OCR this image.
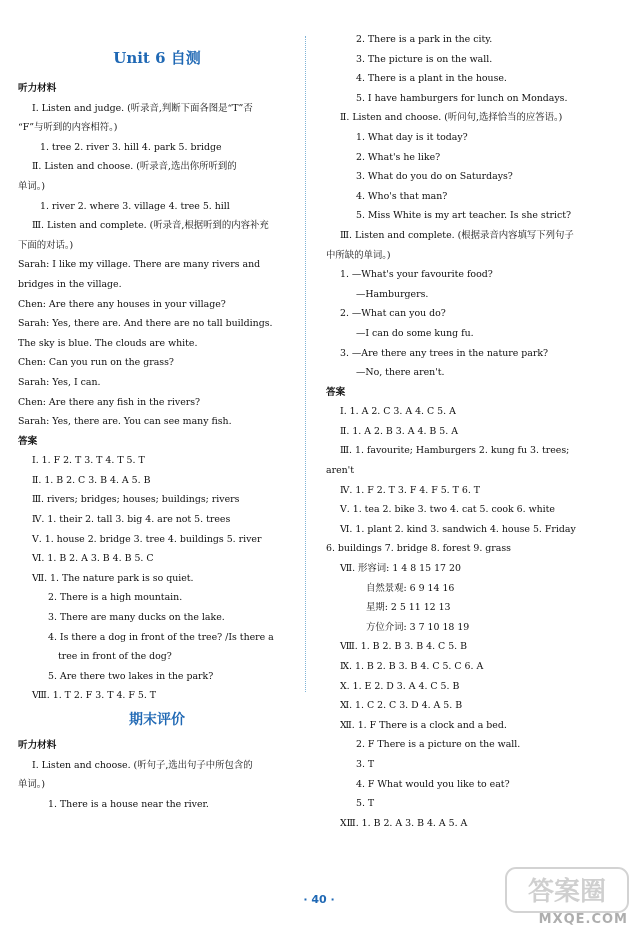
Unit 6 自测
听力材料
Ⅰ. Listen and judge. (听录音,判断下面各图是“T”否
“F”与听到的内容相符。)
1. tree 2. river 3. hill 4. park 5. bridge
Ⅱ. Listen and choose. (听录音,选出你所听到的
单词。)
1. river 2. where 3. village 4. tree 5. hill
Ⅲ. Listen and complete. (听录音,根据听到的内容补充
下面的对话。)
Sarah: I like my village. There are many rivers and
bridges in the village.
Chen: Are there any houses in your village?
Sarah: Yes, there are. And there are no tall buildings.
The sky is blue. The clouds are white.
Chen: Can you run on the grass?
Sarah: Yes, I can.
Chen: Are there any fish in the rivers?
Sarah: Yes, there are. You can see many fish.
答案
Ⅰ. 1. F 2. T 3. T 4. T 5. T
Ⅱ. 1. B 2. C 3. B 4. A 5. B
Ⅲ. rivers; bridges; houses; buildings; rivers
Ⅳ. 1. their 2. tall 3. big 4. are not 5. trees
Ⅴ. 1. house 2. bridge 3. tree 4. buildings 5. river
Ⅵ. 1. B 2. A 3. B 4. B 5. C
Ⅶ. 1. The nature park is so quiet.
2. There is a high mountain.
3. There are many ducks on the lake.
4. Is there a dog in front of the tree? /Is there a
tree in front of the dog?
5. Are there two lakes in the park?
Ⅷ. 1. T 2. F 3. T 4. F 5. T
期末评价
听力材料
Ⅰ. Listen and choose. (听句子,选出句子中所包含的
单词。)
1. There is a house near the river.
2. There is a park in the city.
3. The picture is on the wall.
4. There is a plant in the house.
5. I have hamburgers for lunch on Mondays.
Ⅱ. Listen and choose. (听问句,选择恰当的应答语。)
1. What day is it today?
2. What's he like?
3. What do you do on Saturdays?
4. Who's that man?
5. Miss White is my art teacher. Is she strict?
Ⅲ. Listen and complete. (根据录音内容填写下列句子
中所缺的单词。)
1. —What's your favourite food?
—Hamburgers.
2. —What can you do?
—I can do some kung fu.
3. —Are there any trees in the nature park?
—No, there aren't.
答案
Ⅰ. 1. A 2. C 3. A 4. C 5. A
Ⅱ. 1. A 2. B 3. A 4. B 5. A
Ⅲ. 1. favourite; Hamburgers 2. kung fu 3. trees;
aren't
Ⅳ. 1. F 2. T 3. F 4. F 5. T 6. T
Ⅴ. 1. tea 2. bike 3. two 4. cat 5. cook 6. white
Ⅵ. 1. plant 2. kind 3. sandwich 4. house 5. Friday
6. buildings 7. bridge 8. forest 9. grass
Ⅶ. 形容词: 1 4 8 15 17 20
自然景观: 6 9 14 16
星期: 2 5 11 12 13
方位介词: 3 7 10 18 19
Ⅷ. 1. B 2. B 3. B 4. C 5. B
Ⅸ. 1. B 2. B 3. B 4. C 5. C 6. A
Ⅹ. 1. E 2. D 3. A 4. C 5. B
Ⅺ. 1. C 2. C 3. D 4. A 5. B
Ⅻ. 1. F There is a clock and a bed.
2. F There is a picture on the wall.
3. T
4. F What would you like to eat?
5. T
ⅩⅢ. 1. B 2. A 3. B 4. A 5. A
· 40 ·	答案圈
MXQE.COM
